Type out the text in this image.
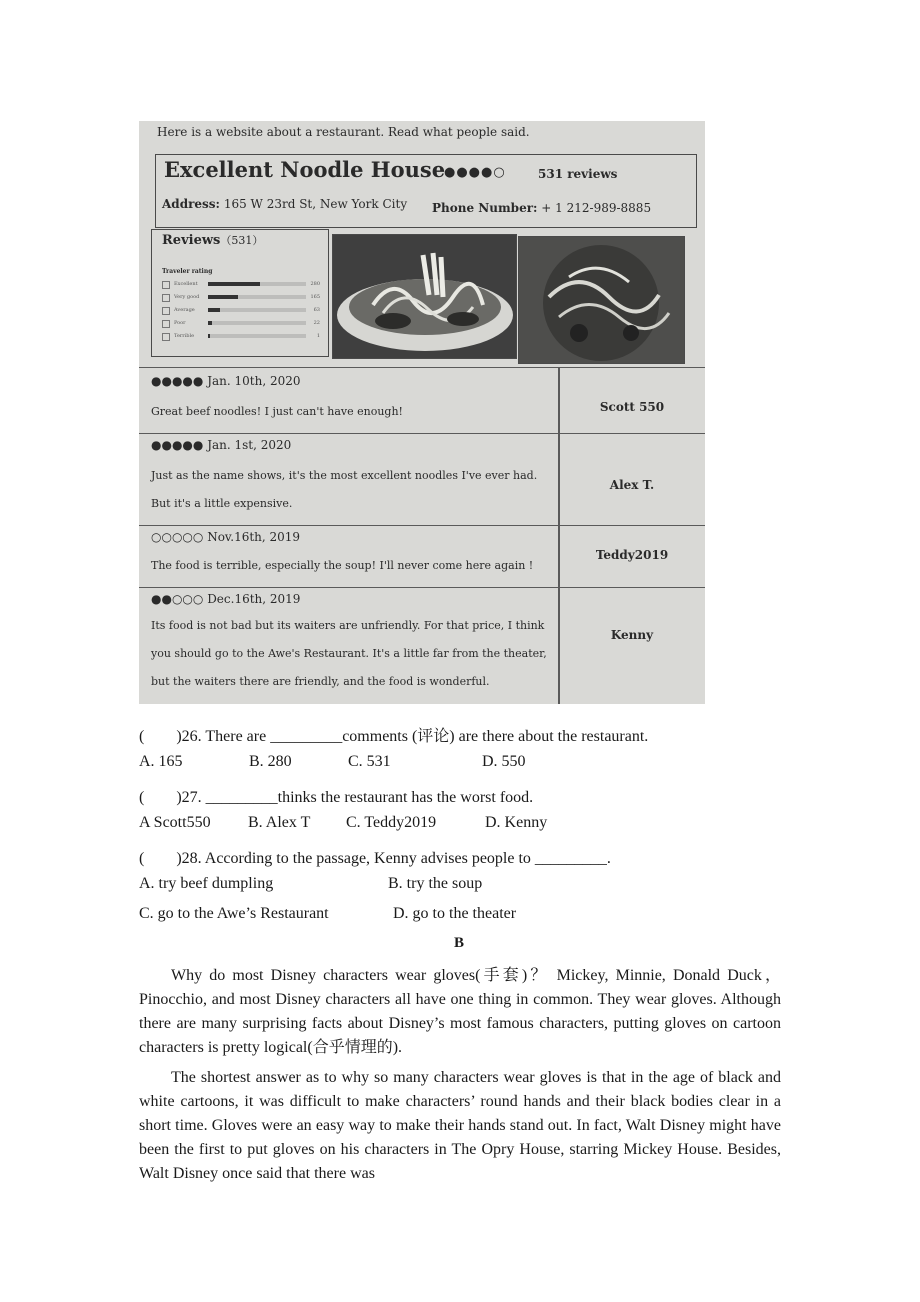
Here is a website about a restaurant. Read what people said.
Excellent Noodle House
●●●●○	531 reviews
Address: 165 W 23rd St, New York City Phone Number: + 1 212-989-8885
Reviews（531）
Traveler rating
Excellent	280
Very good	165
Average	63
Poor	22
Terrible	1
●●●●● Jan. 10th, 2020
Great beef noodles! I just can't have enough!	Scott 550
●●●●● Jan. 1st, 2020
Just as the name shows, it's the most excellent noodles I've ever had.
But it's a little expensive.
Alex T.
○○○○○ Nov.16th, 2019
The food is terrible, especially the soup! I'll never come here again !
Teddy2019
●●○○○ Dec.16th, 2019
Its food is not bad but its waiters are unfriendly. For that price, I think
you should go to the Awe's Restaurant. It's a little far from the theater,
but the waiters there are friendly, and the food is wonderful.
Kenny
(　　)26. There are _________comments (评论) are there about the restaurant.
A. 165	B. 280	C. 531	D. 550
(　　)27. _________thinks the restaurant has the worst food.
A Scott550 B. Alex T C. Teddy2019	D. Kenny
(　　)28. According to the passage, Kenny advises people to _________.
A. try beef dumpling	B. try the soup
C. go to the Awe’s Restaurant	D. go to the theater
B
Why do most Disney characters wear gloves(手套)？ Mickey, Minnie, Donald Duck，Pinocchio, and most Disney characters all have one thing in common. They wear gloves. Although there are many surprising facts about Disney’s most famous characters, putting gloves on cartoon characters is pretty logical(合乎情理的).
The shortest answer as to why so many characters wear gloves is that in the age of black and white cartoons, it was difficult to make characters’ round hands and their black bodies clear in a short time. Gloves were an easy way to make their hands stand out. In fact, Walt Disney might have been the first to put gloves on his characters in The Opry House, starring Mickey House. Besides, Walt Disney once said that there was
